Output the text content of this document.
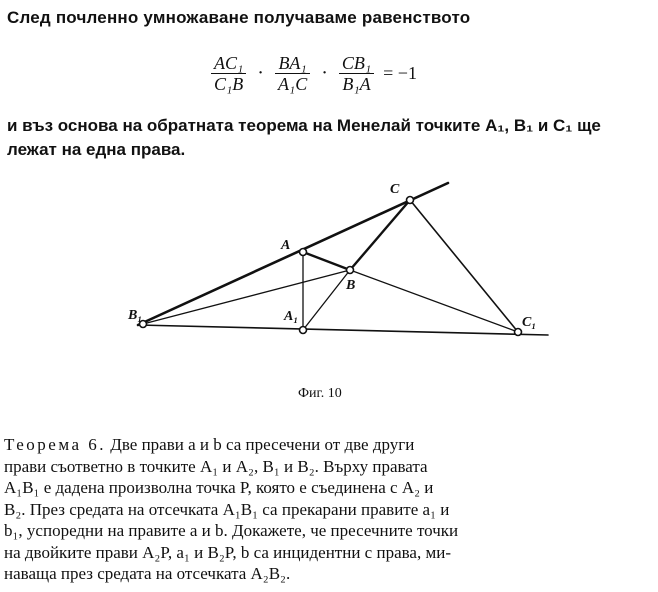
След почленно умножаване получаваме равенството
$\frac{\text{AC₁}}{\text{C₁B}} \cdot \frac{\text{BA₁}}{\text{A₁C}} \cdot \frac{\text{CB₁}}{\text{B₁A}} = -1$
и въз основа на обратната теорема на Менелай точките A₁, B₁ и C₁ ще лежат на една права.
C
A
B
B₁	A₁	C₁
Фиг. 10
Теорема 6. Две прави a и b са пресечени от две други
прави съответно в точките A₁ и A₂, B₁ и B₂. Върху правата
A₁B₁ е дадена произволна точка P, която е съединена с A₂ и
B₂. През средата на отсечката A₁B₁ са прекарани правите a₁ и
b₁, успоредни на правите a и b. Докажете, че пресечните точки
на двойките прави A₂P, a₁ и B₂P, b са инцидентни с права, ми-
наваща през средата на отсечката A₂B₂.
